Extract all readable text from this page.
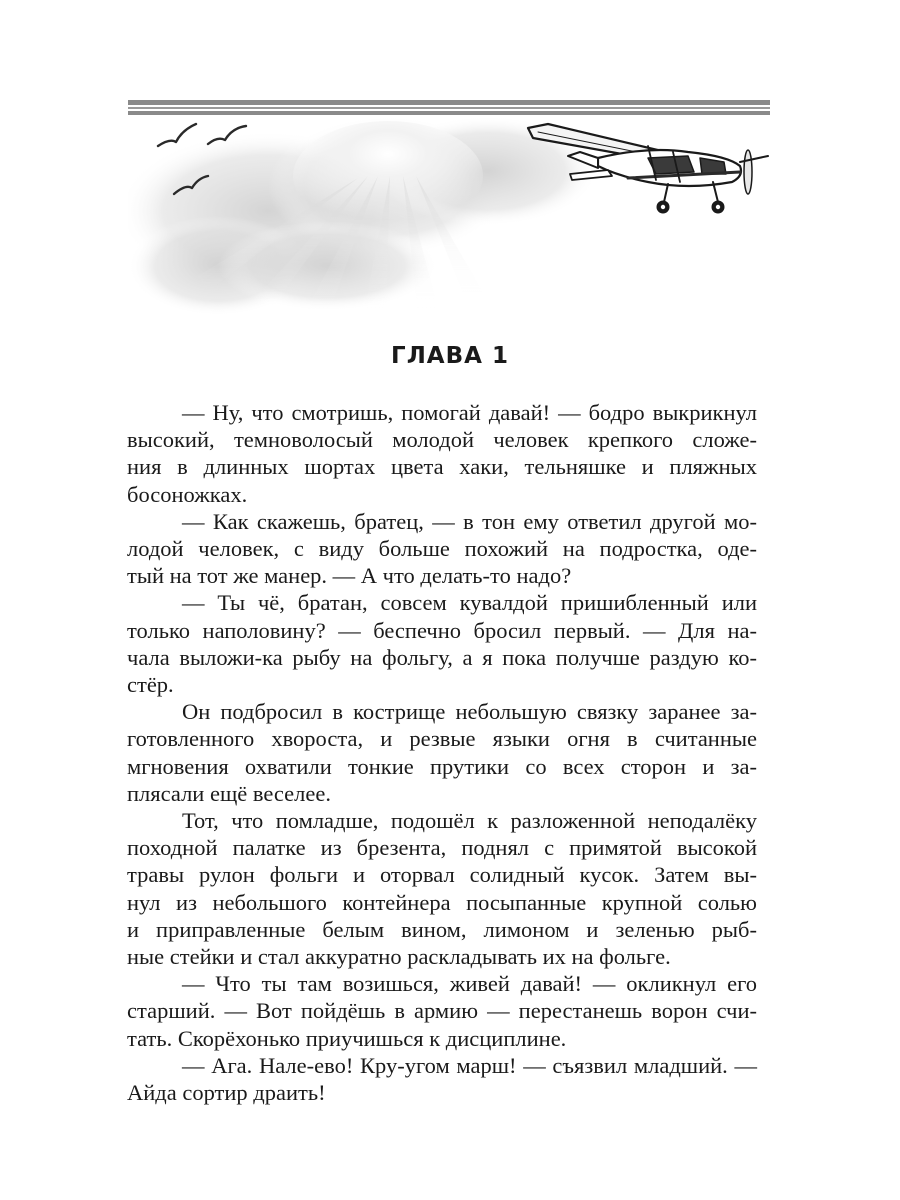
ГЛАВА 1
— Ну, что смотришь, помогай давай! — бодро выкрикнул
высокий, темноволосый молодой человек крепкого сложе-
ния в длинных шортах цвета хаки, тельняшке и пляжных
босоножках.
— Как скажешь, братец, — в тон ему ответил другой мо-
лодой человек, с виду больше похожий на подростка, оде-
тый на тот же манер. — А что делать-то надо?
— Ты чё, братан, совсем кувалдой пришибленный или
только наполовину? — беспечно бросил первый. — Для на-
чала выложи-ка рыбу на фольгу, а я пока получше раздую ко-
стёр.
Он подбросил в кострище небольшую связку заранее за-
готовленного хвороста, и резвые языки огня в считанные
мгновения охватили тонкие прутики со всех сторон и за-
плясали ещё веселее.
Тот, что помладше, подошёл к разложенной неподалёку
походной палатке из брезента, поднял с примятой высокой
травы рулон фольги и оторвал солидный кусок. Затем вы-
нул из небольшого контейнера посыпанные крупной солью
и приправленные белым вином, лимоном и зеленью рыб-
ные стейки и стал аккуратно раскладывать их на фольге.
— Что ты там возишься, живей давай! — окликнул его
старший. — Вот пойдёшь в армию — перестанешь ворон счи-
тать. Скорёхонько приучишься к дисциплине.
— Ага. Нале-ево! Кру-угом марш! — съязвил младший. —
Айда сортир драить!
